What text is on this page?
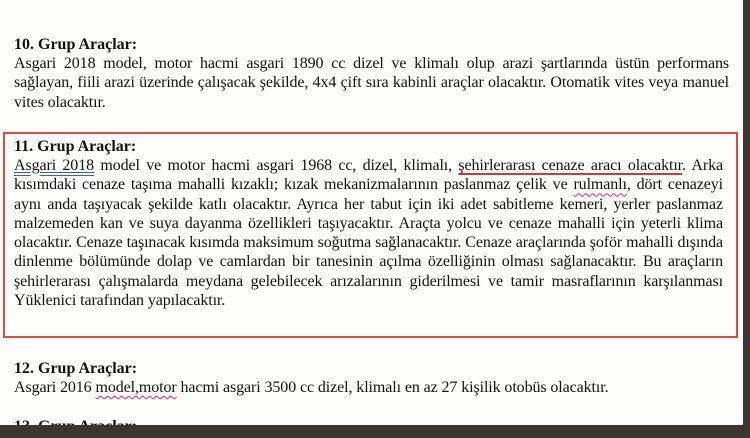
10. Grup Araçlar:

Asgari 2018 model, motor hacmi asgari 1890 cc dizel ve klimalı olup arazi şartlarında üstün performans sağlayan, fiili arazi üzerinde çalışacak şekilde, 4x4 çift sıra kabinli araçlar olacaktır. Otomatik vites veya manuel vites olacaktır.

11. Grup Araçlar:

Asgari 2018 model ve motor hacmi asgari 1968 cc, dizel, klimalı, şehirlerarası cenaze aracı olacaktır. Arka kısımdaki cenaze taşıma mahalli kızaklı; kızak mekanizmalarının paslanmaz çelik ve rulmanlı, dört cenazeyi aynı anda taşıyacak şekilde katlı olacaktır. Ayrıca her tabut için iki adet sabitleme kemeri, yerler paslanmaz malzemeden kan ve suya dayanma özellikleri taşıyacaktır. Araçta yolcu ve cenaze mahalli için yeterli klima olacaktır. Cenaze taşınacak kısımda maksimum soğutma sağlanacaktır. Cenaze araçlarında şoför mahalli dışında dinlenme bölümünde dolap ve camlardan bir tanesinin açılma özelliğinin olması sağlanacaktır. Bu araçların şehirlerarası çalışmalarda meydana gelebilecek arızalarının giderilmesi ve tamir masraflarının karşılanması Yüklenici tarafından yapılacaktır.

12. Grup Araçlar:

Asgari 2016 model,motor hacmi asgari 3500 cc dizel, klimalı en az 27 kişilik otobüs olacaktır.
